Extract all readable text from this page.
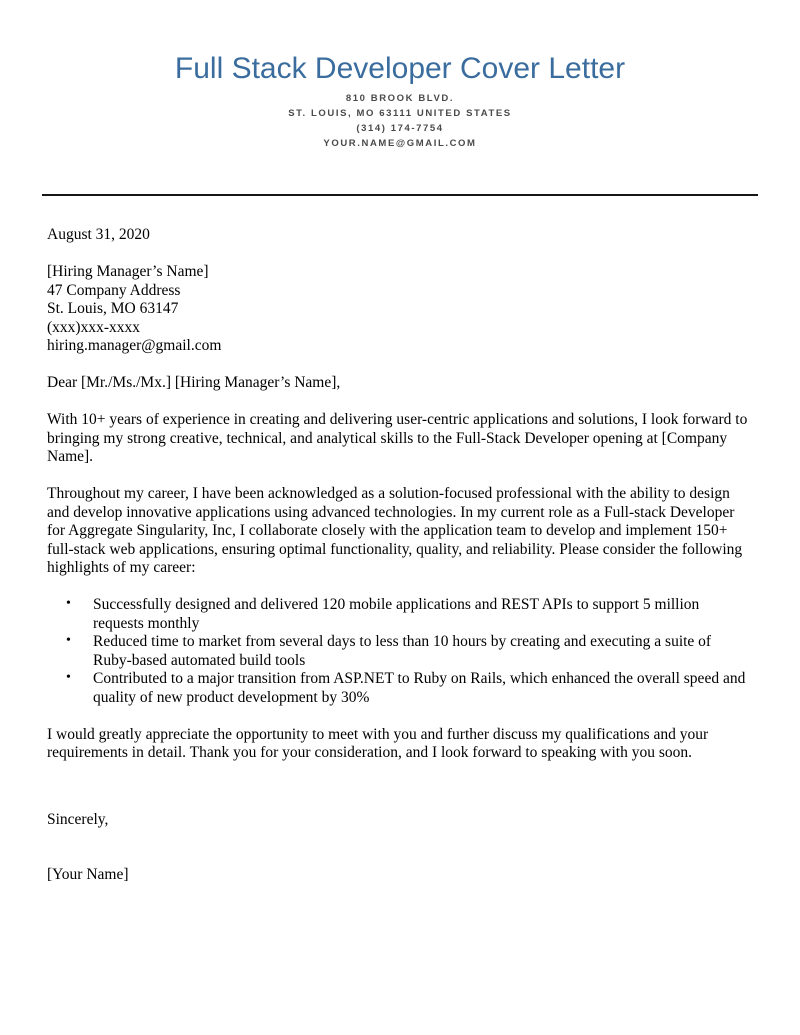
Full Stack Developer Cover Letter
810 BROOK BLVD.
ST. LOUIS, MO 63111 UNITED STATES
(314) 174-7754
YOUR.NAME@GMAIL.COM
August 31, 2020
[Hiring Manager’s Name]
47 Company Address
St. Louis, MO 63147
(xxx)xxx-xxxx
hiring.manager@gmail.com
Dear [Mr./Ms./Mx.] [Hiring Manager’s Name],

With 10+ years of experience in creating and delivering user-centric applications and solutions, I look forward to bringing my strong creative, technical, and analytical skills to the Full-Stack Developer opening at [Company Name].

Throughout my career, I have been acknowledged as a solution-focused professional with the ability to design and develop innovative applications using advanced technologies. In my current role as a Full-stack Developer for Aggregate Singularity, Inc, I collaborate closely with the application team to develop and implement 150+ full-stack web applications, ensuring optimal functionality, quality, and reliability. Please consider the following highlights of my career:

• Successfully designed and delivered 120 mobile applications and REST APIs to support 5 million requests monthly
• Reduced time to market from several days to less than 10 hours by creating and executing a suite of Ruby-based automated build tools
• Contributed to a major transition from ASP.NET to Ruby on Rails, which enhanced the overall speed and quality of new product development by 30%

I would greatly appreciate the opportunity to meet with you and further discuss my qualifications and your requirements in detail. Thank you for your consideration, and I look forward to speaking with you soon.

Sincerely,
[Your Name]
